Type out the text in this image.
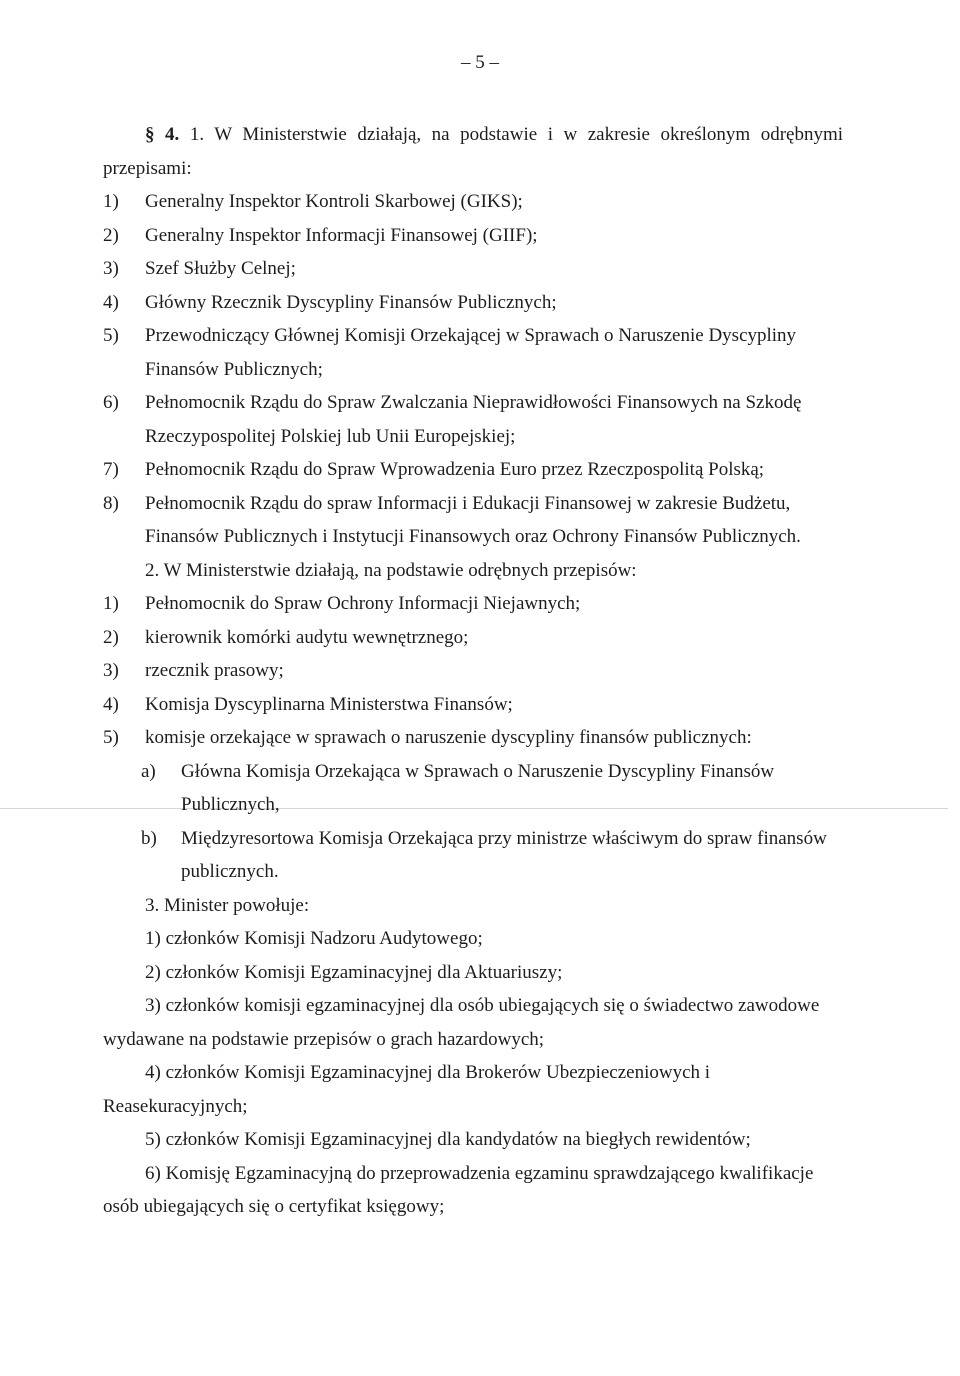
– 5 –

§ 4. 1. W Ministerstwie działają, na podstawie i w zakresie określonym odrębnymi

przepisami:

1)	Generalny Inspektor Kontroli Skarbowej (GIKS);
2)	Generalny Inspektor Informacji Finansowej (GIIF);
3)	Szef Służby Celnej;
4)	Główny Rzecznik Dyscypliny Finansów Publicznych;
5)	Przewodniczący Głównej Komisji Orzekającej w Sprawach o Naruszenie Dyscypliny Finansów Publicznych;
6)	Pełnomocnik Rządu do Spraw Zwalczania Nieprawidłowości Finansowych na Szkodę Rzeczypospolitej Polskiej lub Unii Europejskiej;
7)	Pełnomocnik Rządu do Spraw Wprowadzenia Euro przez Rzeczpospolitą Polską;
8)	Pełnomocnik Rządu do spraw Informacji i Edukacji Finansowej w zakresie Budżetu, Finansów Publicznych i Instytucji Finansowych oraz Ochrony Finansów Publicznych.

2. W Ministerstwie działają, na podstawie odrębnych przepisów:

1)	Pełnomocnik do Spraw Ochrony Informacji Niejawnych;
2)	kierownik komórki audytu wewnętrznego;
3)	rzecznik prasowy;
4)	Komisja Dyscyplinarna Ministerstwa Finansów;
5)	komisje orzekające w sprawach o naruszenie dyscypliny finansów publicznych:
a)	Główna Komisja Orzekająca w Sprawach o Naruszenie Dyscypliny Finansów Publicznych,
b)	Międzyresortowa Komisja Orzekająca przy ministrze właściwym do spraw finansów publicznych.

3. Minister powołuje:

1) członków Komisji Nadzoru Audytowego;

2) członków Komisji Egzaminacyjnej dla Aktuariuszy;

3) członków komisji egzaminacyjnej dla osób ubiegających się o świadectwo zawodowe wydawane na podstawie przepisów o grach hazardowych;

4) członków Komisji Egzaminacyjnej dla Brokerów Ubezpieczeniowych i Reasekuracyjnych;

5) członków Komisji Egzaminacyjnej dla kandydatów na biegłych rewidentów;

6) Komisję Egzaminacyjną do przeprowadzenia egzaminu sprawdzającego kwalifikacje osób ubiegających się o certyfikat księgowy;
